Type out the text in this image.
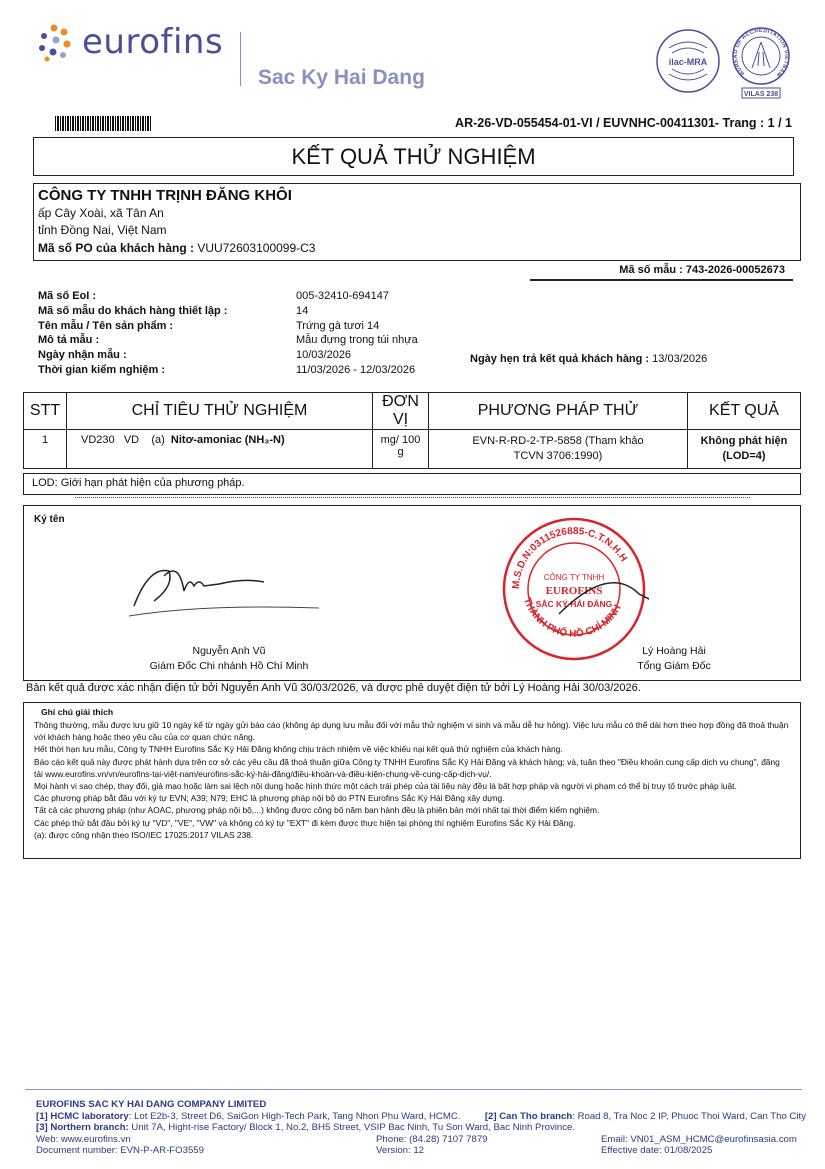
eurofins
Sac Ky Hai Dang
ilac-MRA
BUREAU OF ACCREDITATION VIETNAM
VILAS 238
AR-26-VD-055454-01-VI / EUVNHC-00411301- Trang : 1 / 1
KẾT QUẢ THỬ NGHIỆM
CÔNG TY TNHH TRỊNH ĐĂNG KHÔI
ấp Cây Xoài, xã Tân An
tỉnh Đồng Nai, Việt Nam
Mã số PO của khách hàng : VUU72603100099-C3
Mã số mẫu : 743-2026-00052673
Mã số EoI :	005-32410-694147
Mã số mẫu do khách hàng thiết lập :	14
Tên mẫu / Tên sản phẩm :	Trứng gà tươi 14
Mô tả mẫu :	Mẫu đựng trong túi nhựa
Ngày nhận mẫu :	10/03/2026
Thời gian kiểm nghiệm :	11/03/2026 - 12/03/2026
Ngày hẹn trả kết quả khách hàng : 13/03/2026
STT	CHỈ TIÊU THỬ NGHIỆM	ĐƠN VỊ	PHƯƠNG PHÁP THỬ	KẾT QUẢ
1	VD230 VD (a) Nitơ-amoniac (NH₃-N)	mg/ 100 g	EVN-R-RD-2-TP-5858 (Tham khảo TCVN 3706:1990)	Không phát hiện
(LOD=4)
LOD: Giới hạn phát hiện của phương pháp.
Ký tên
M.S.D.N:0311526885-C.T.N.H.H
THÀNH PHỐ HỒ CHÍ MINH
CÔNG TY TNHH
EUROFINS
SẮC KÝ HẢI ĐĂNG
Nguyễn Anh Vũ
Giám Đốc Chi nhánh Hồ Chí Minh
Lý Hoàng Hải
Tổng Giám Đốc
Bản kết quả được xác nhận điện tử bởi Nguyễn Anh Vũ 30/03/2026, và được phê duyệt điện tử bởi Lý Hoàng Hải 30/03/2026.
Ghi chú giải thích
Thông thường, mẫu được lưu giữ 10 ngày kể từ ngày gửi báo cáo (không áp dụng lưu mẫu đối với mẫu thử nghiệm vi sinh và mẫu dễ hư hỏng). Việc lưu mẫu có thể dài hơn theo hợp đồng đã thoả thuận với khách hàng hoặc theo yêu cầu của cơ quan chức năng.
Hết thời hạn lưu mẫu, Công ty TNHH Eurofins Sắc Ký Hải Đăng không chịu trách nhiệm về việc khiếu nại kết quả thử nghiệm của khách hàng.
Báo cáo kết quả này được phát hành dựa trên cơ sở các yêu cầu đã thoả thuận giữa Công ty TNHH Eurofins Sắc Ký Hải Đăng và khách hàng; và, tuân theo "Điều khoản cung cấp dịch vụ chung", đăng tải www.eurofins.vn/vn/eurofins-tại-việt-nam/eurofins-sắc-ký-hải-đăng/điều-khoản-và-điều-kiện-chung-về-cung-cấp-dịch-vụ/.
Mọi hành vi sao chép, thay đổi, giả mạo hoặc làm sai lệch nội dung hoặc hình thức một cách trái phép của tài liệu này đều là bất hợp pháp và người vi phạm có thể bị truy tố trước pháp luật.
Các phương pháp bắt đầu với ký tự EVN; A39; N79; EHC là phương pháp nội bộ do PTN Eurofins Sắc Ký Hải Đăng xây dựng.
Tất cả các phương pháp (như AOAC, phương pháp nội bộ,...) không được công bố năm ban hành đều là phiên bản mới nhất tại thời điểm kiểm nghiệm.
Các phép thử bắt đầu bởi ký tự "VD", "VE", "VW" và không có ký tự "EXT" đi kèm được thực hiện tại phòng thí nghiệm Eurofins Sắc Ký Hải Đăng.
(a): được công nhận theo ISO/IEC 17025:2017 VILAS 238.
EUROFINS SAC KY HAI DANG COMPANY LIMITED
[1] HCMC laboratory: Lot E2b-3, Street D6, SaiGon High-Tech Park, Tang Nhon Phu Ward, HCMC.	[2] Can Tho branch: Road 8, Tra Noc 2 IP, Phuoc Thoi Ward, Can Tho City
[3] Northern branch: Unit 7A, Hight-rise Factory/ Block 1, No.2, BH5 Street, VSIP Bac Ninh, Tu Son Ward, Bac Ninh Province.
Web: www.eurofins.vn	Phone: (84.28) 7107 7879	Email: VN01_ASM_HCMC@eurofinsasia.com
Document number: EVN-P-AR-FO3559	Version: 12	Effective date: 01/08/2025
